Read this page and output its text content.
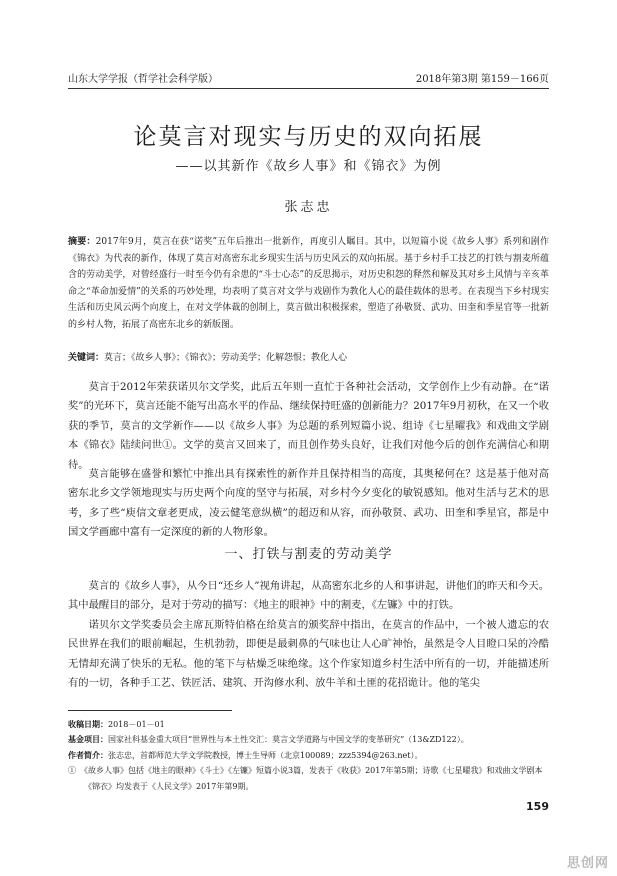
山东大学学报（哲学社会科学版）	2018年第3期 第159－166页
论莫言对现实与历史的双向拓展
——以其新作《故乡人事》和《锦衣》为例
张志忠
摘要：2017年9月，莫言在获“诺奖”五年后推出一批新作，再度引人瞩目。其中，以短篇小说《故乡人事》系列和剧作《锦衣》为代表的新作，体现了莫言对高密东北乡现实生活与历史风云的双向拓展。基于乡村手工技艺的打铁与割麦所蕴含的劳动美学，对曾经盛行一时至今仍有余患的“斗士心态”的反思揭示，对历史积怨的释然和解及其对乡土风情与辛亥革命之“革命加爱情”的关系的巧妙处理，均表明了莫言对文学与戏剧作为教化人心的最佳载体的思考。在表现当下乡村现实生活和历史风云两个向度上，在对文学体裁的创制上，莫言做出积极探索，塑造了孙敬贤、武功、田奎和季星官等一批新的乡村人物，拓展了高密东北乡的新版图。
关键词：莫言；《故乡人事》；《锦衣》；劳动美学；化解怨恨；教化人心
莫言于2012年荣获诺贝尔文学奖，此后五年则一直忙于各种社会活动，文学创作上少有动静。在“诺奖”的光环下，莫言还能不能写出高水平的作品、继续保持旺盛的创新能力？2017年9月初秋，在又一个收获的季节，莫言的文学新作——以《故乡人事》为总题的系列短篇小说、组诗《七星曜我》和戏曲文学剧本《锦衣》陆续问世①。文学的莫言又回来了，而且创作势头良好，让我们对他今后的创作充满信心和期待。
莫言能够在盛誉和繁忙中推出具有探索性的新作并且保持相当的高度，其奥秘何在？这是基于他对高密东北乡文学领地现实与历史两个向度的坚守与拓展，对乡村今夕变化的敏锐感知。他对生活与艺术的思考，多了些“庾信文章老更成，凌云健笔意纵横”的超迈和从容，而孙敬贤、武功、田奎和季星官，都是中国文学画廊中富有一定深度的新的人物形象。
一、打铁与割麦的劳动美学
莫言的《故乡人事》，从今日“还乡人”视角讲起，从高密东北乡的人和事讲起，讲他们的昨天和今天。其中最醒目的部分，是对于劳动的描写：《地主的眼神》中的割麦，《左镰》中的打铁。
诺贝尔文学奖委员会主席瓦斯特伯格在给莫言的颁奖辞中指出，在莫言的作品中，一个被人遗忘的农民世界在我们的眼前崛起，生机勃勃，即便是最刺鼻的气味也让人心旷神怡，虽然是令人目瞪口呆的冷酷无情却充满了快乐的无私。他的笔下与枯燥乏味绝缘。这个作家知道乡村生活中所有的一切，并能描述所有的一切，各种手工艺、铁匠活、建筑、开沟修水利、放牛羊和土匪的花招诡计。他的笔尖
收稿日期：2018－01－01
基金项目：国家社科基金重大项目“世界性与本土性交汇：莫言文学道路与中国文学的变革研究”（13&ZD122）。
作者简介：张志忠，首都师范大学文学院教授，博士生导师（北京100089；zzz5394@263.net）。
①　《故乡人事》包括《地主的眼神》《斗士》《左镰》短篇小说3篇，发表于《收获》2017年第5期；诗歌《七星曜我》和戏曲文学剧本《锦衣》均发表于《人民文学》2017年第9期。
159
思创网
